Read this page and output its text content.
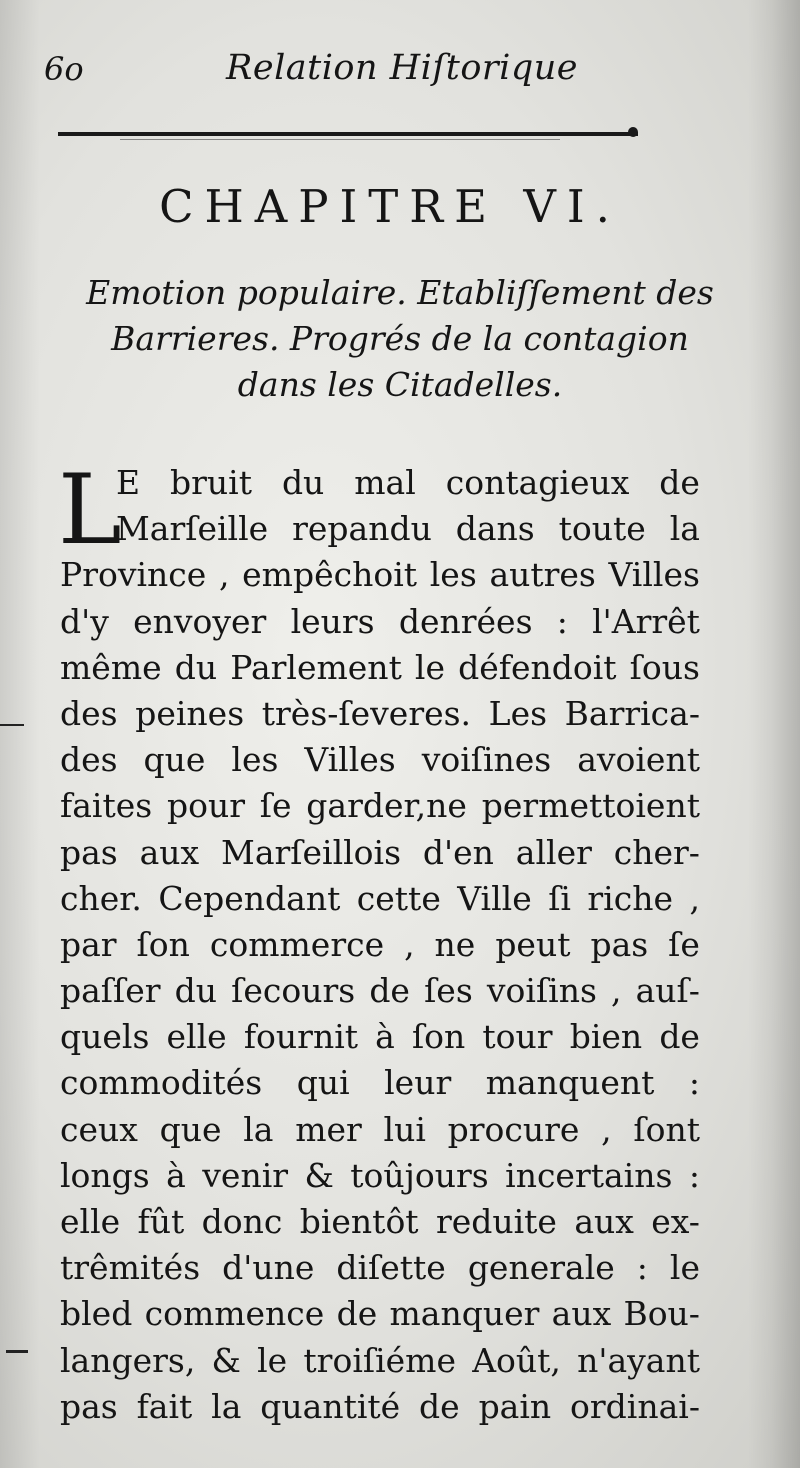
6o	Relation Hiſtorique
CHAPITRE VI.
Emotion populaire. Etabliſſement des
Barrieres. Progrés de la contagion
dans les Citadelles.
L
E bruit du mal contagieux de
Marſeille repandu dans toute la
Province , empêchoit les autres Villes
d'y envoyer leurs denrées : l'Arrêt
même du Parlement le défendoit ſous
des peines très-ſeveres. Les Barrica-
des que les Villes voiſines avoient
faites pour ſe garder,ne permettoient
pas aux Marſeillois d'en aller cher-
cher. Cependant cette Ville ſi riche ,
par ſon commerce , ne peut pas ſe
paſſer du ſecours de ſes voiſins , auſ-
quels elle fournit à ſon tour bien de
commodités qui leur manquent :
ceux que la mer lui procure , ſont
longs à venir & toûjours incertains :
elle fût donc bientôt reduite aux ex-
trêmités d'une diſette generale : le
bled commence de manquer aux Bou-
langers, & le troiſiéme Août, n'ayant
pas fait la quantité de pain ordinai-
